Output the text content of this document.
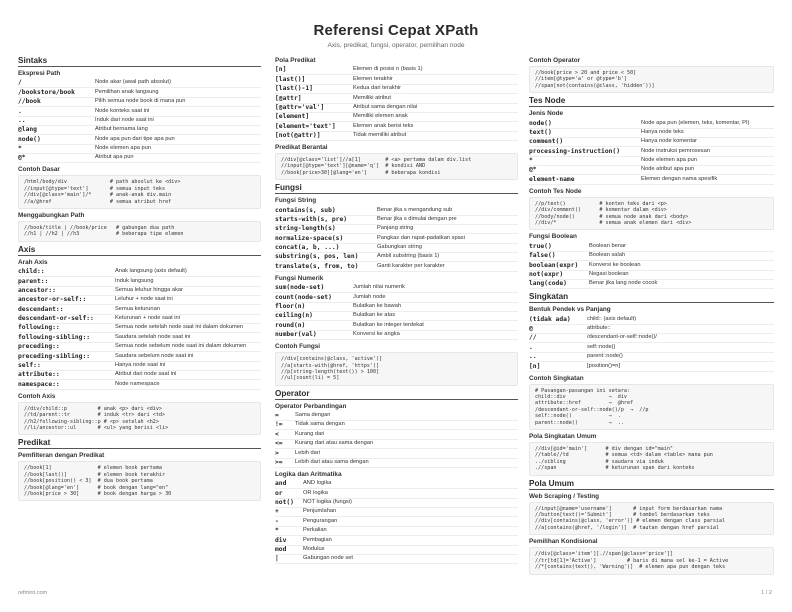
Referensi Cepat XPath
Axis, predikat, fungsi, operator, pemilihan node
Sintaks
Ekspresi Path
/	Node akar (awal path absolut)
/bookstore/book	Pemilihan anak langsung
//book	Pilih semua node book di mana pun
.	Node konteks saat ini
..	Induk dari node saat ini
@lang	Atribut bernama lang
node()	Node apa pun dari tipe apa pun
*	Node elemen apa pun
@*	Atribut apa pun
Contoh Dasar
/html/body/div              # path absolut ke <div>
//input[@type='text']       # semua input teks
//div[@class='main']/*      # anak-anak div.main
//a/@href                   # semua atribut href
Menggabungkan Path
//book/title | //book/price   # gabungan dua path
//h1 | //h2 | //h3            # beberapa tipe elemen
Axis
Arah Axis
child::	Anak langsung (axis default)
parent::	Induk langsung
ancestor::	Semua leluhur hingga akar
ancestor-or-self::	Leluhur + node saat ini
descendant::	Semua keturunan
descendant-or-self::	Keturunan + node saat ini
following::	Semua node setelah node saat ini dalam dokumen
following-sibling::	Saudara setelah node saat ini
preceding::	Semua node sebelum node saat ini dalam dokumen
preceding-sibling::	Saudara sebelum node saat ini
self::	Hanya node saat ini
attribute::	Atribut dari node saat ini
namespace::	Node namespace
Contoh Axis
//div/child::p          # anak <p> dari <div>
//td/parent::tr         # induk <tr> dari <td>
//h2/following-sibling::p # <p> setelah <h2>
//li/ancestor::ul       # <ul> yang berisi <li>
Predikat
Pemfilteran dengan Predikat
//book[1]               # elemen book pertama
//book[last()]          # elemen book terakhir
//book[position() < 3]  # dua book pertama
//book[@lang='en']      # book dengan lang="en"
//book[price > 30]      # book dengan harga > 30
Pola Predikat
[n]	Elemen di posisi n (basis 1)
[last()]	Elemen terakhir
[last()-1]	Kedua dari terakhir
[@attr]	Memiliki atribut
[@attr='val']	Atribut sama dengan nilai
[element]	Memiliki elemen anak
[element='text']	Elemen anak berisi teks
[not(@attr)]	Tidak memiliki atribut
Predikat Berantai
//div[@class='list']//a[1]        # <a> pertama dalam div.list
//input[@type='text'][@name='q']  # kondisi AND
//book[price>30][@lang='en']      # beberapa kondisi
Fungsi
Fungsi String
contains(s, sub)	Benar jika s mengandung sub
starts-with(s, pre)	Benar jika s dimulai dengan pre
string-length(s)	Panjang string
normalize-space(s)	Pangkas dan rapat-padatkan spasi
concat(a, b, ...)	Gabungkan string
substring(s, pos, len)	Ambil substring (basis 1)
translate(s, from, to)	Ganti karakter per karakter
Fungsi Numerik
sum(node-set)	Jumlah nilai numerik
count(node-set)	Jumlah node
floor(n)	Bulatkan ke bawah
ceiling(n)	Bulatkan ke atas
round(n)	Bulatkan ke integer terdekat
number(val)	Konversi ke angka
Contoh Fungsi
//div[contains(@class, 'active')]
//a[starts-with(@href, 'https')]
//p[string-length(text()) > 100]
//ul[count(li) = 5]
Operator
Operator Perbandingan
=	Sama dengan
!=	Tidak sama dengan
<	Kurang dari
<=	Kurang dari atau sama dengan
>	Lebih dari
>=	Lebih dari atau sama dengan
Logika dan Aritmatika
and	AND logika
or	OR logika
not()	NOT logika (fungsi)
+	Penjumlahan
-	Pengurangan
*	Perkalian
div	Pembagian
mod	Modulus
|	Gabungan node set
Contoh Operator
//book[price > 20 and price < 50]
//item[@type='a' or @type='b']
//span[not(contains(@class, 'hidden'))]
Tes Node
Jenis Node
node()	Node apa pun (elemen, teks, komentar, PI)
text()	Hanya node teks
comment()	Hanya node komentar
processing-instruction()	Node instruksi pemrosesan
*	Node elemen apa pun
@*	Node atribut apa pun
element-name	Elemen dengan nama spesifik
Contoh Tes Node
//p/text()           # konten teks dari <p>
//div/comment()      # komentar dalam <div>
//body/node()        # semua node anak dari <body>
//div/*              # semua anak elemen dari <div>
Fungsi Boolean
true()	Boolean benar
false()	Boolean salah
boolean(expr)	Konversi ke boolean
not(expr)	Negasi boolean
lang(code)	Benar jika lang node cocok
Singkatan
Bentuk Pendek vs Panjang
(tidak ada)	child:: (axis default)
@	attribute::
//	/descendant-or-self::node()/
.	self::node()
..	parent::node()
[n]	[position()=n]
Contoh Singkatan
# Pasangan-pasangan ini setara:
child::div              →  div
attribute::href         →  @href
/descendant-or-self::node()/p  →  //p
self::node()            →  .
parent::node()          →  ..
Pola Singkatan Umum
//div[@id='main']      # div dengan id="main"
//table//td            # semua <td> dalam <table> mana pun
../sibling             # saudara via induk
.//span                # keturunan span dari konteks
Pola Umum
Web Scraping / Testing
//input[@name='username']       # input form berdasarkan nama
//button[text()='Submit']       # tombol berdasarkan teks
//div[contains(@class, 'error')] # elemen dengan class parsial
//a[contains(@href, '/login')]  # tautan dengan href parsial
Pemilihan Kondisional
//div[@class='item'][.//span[@class='price']]
//tr[td[1]='Active']          # baris di mana sel ke-1 = Active
//*[contains(text(), 'Warning')]  # elemen apa pun dengan teks
refmint.com	1 / 2
